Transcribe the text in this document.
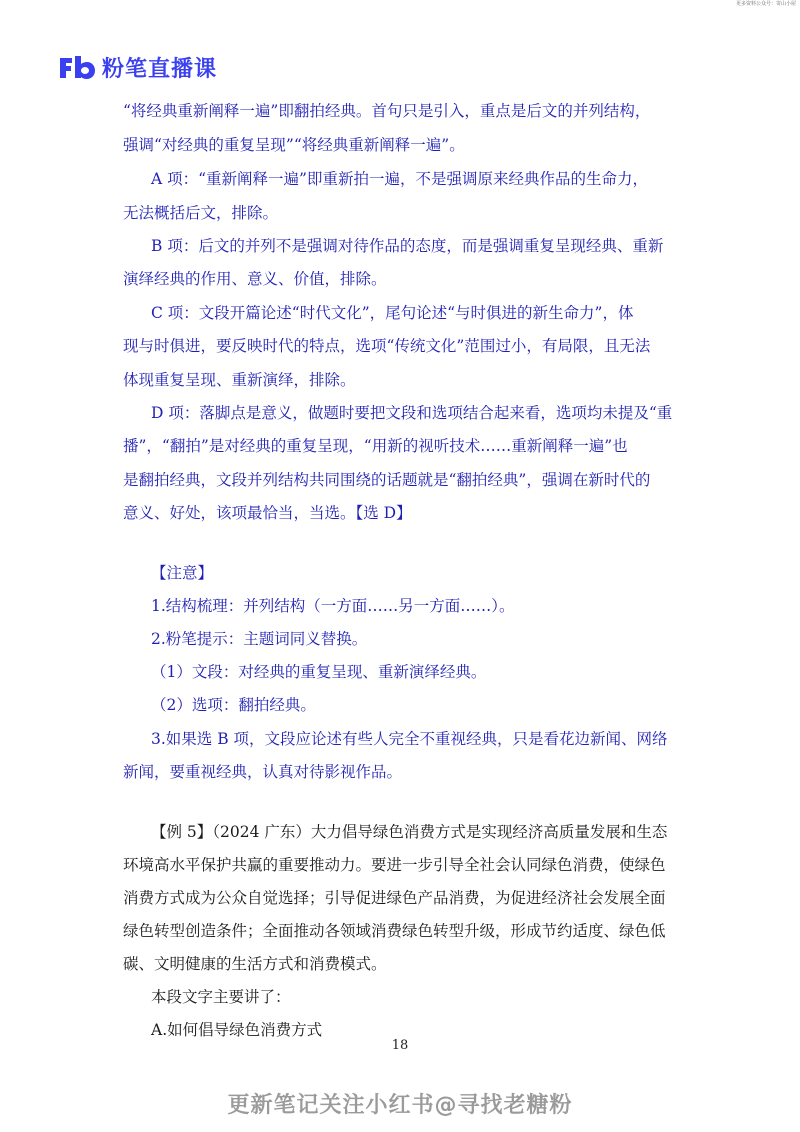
更多资料公众号：寄山小屋
粉笔直播课

“将经典重新阐释一遍”即翻拍经典。首句只是引入，重点是后文的并列结构，

强调“对经典的重复呈现”“将经典重新阐释一遍”。

A 项：“重新阐释一遍”即重新拍一遍，不是强调原来经典作品的生命力，

无法概括后文，排除。

B 项：后文的并列不是强调对待作品的态度，而是强调重复呈现经典、重新

演绎经典的作用、意义、价值，排除。

C 项：文段开篇论述“时代文化”，尾句论述“与时俱进的新生命力”，体

现与时俱进，要反映时代的特点，选项“传统文化”范围过小，有局限，且无法

体现重复呈现、重新演绎，排除。

D 项：落脚点是意义，做题时要把文段和选项结合起来看，选项均未提及“重

播”，“翻拍”是对经典的重复呈现，“用新的视听技术……重新阐释一遍”也

是翻拍经典，文段并列结构共同围绕的话题就是“翻拍经典”，强调在新时代的

意义、好处，该项最恰当，当选。【选 D】

【注意】

1.结构梳理：并列结构（一方面……另一方面……）。

2.粉笔提示：主题词同义替换。

（1）文段：对经典的重复呈现、重新演绎经典。

（2）选项：翻拍经典。

3.如果选 B 项，文段应论述有些人完全不重视经典，只是看花边新闻、网络

新闻，要重视经典，认真对待影视作品。

【例 5】（2024 广东）大力倡导绿色消费方式是实现经济高质量发展和生态

环境高水平保护共赢的重要推动力。要进一步引导全社会认同绿色消费，使绿色

消费方式成为公众自觉选择；引导促进绿色产品消费，为促进经济社会发展全面

绿色转型创造条件；全面推动各领域消费绿色转型升级，形成节约适度、绿色低

碳、文明健康的生活方式和消费模式。

本段文字主要讲了：

A.如何倡导绿色消费方式

18
更新笔记关注小红书@寻找老糖粉
